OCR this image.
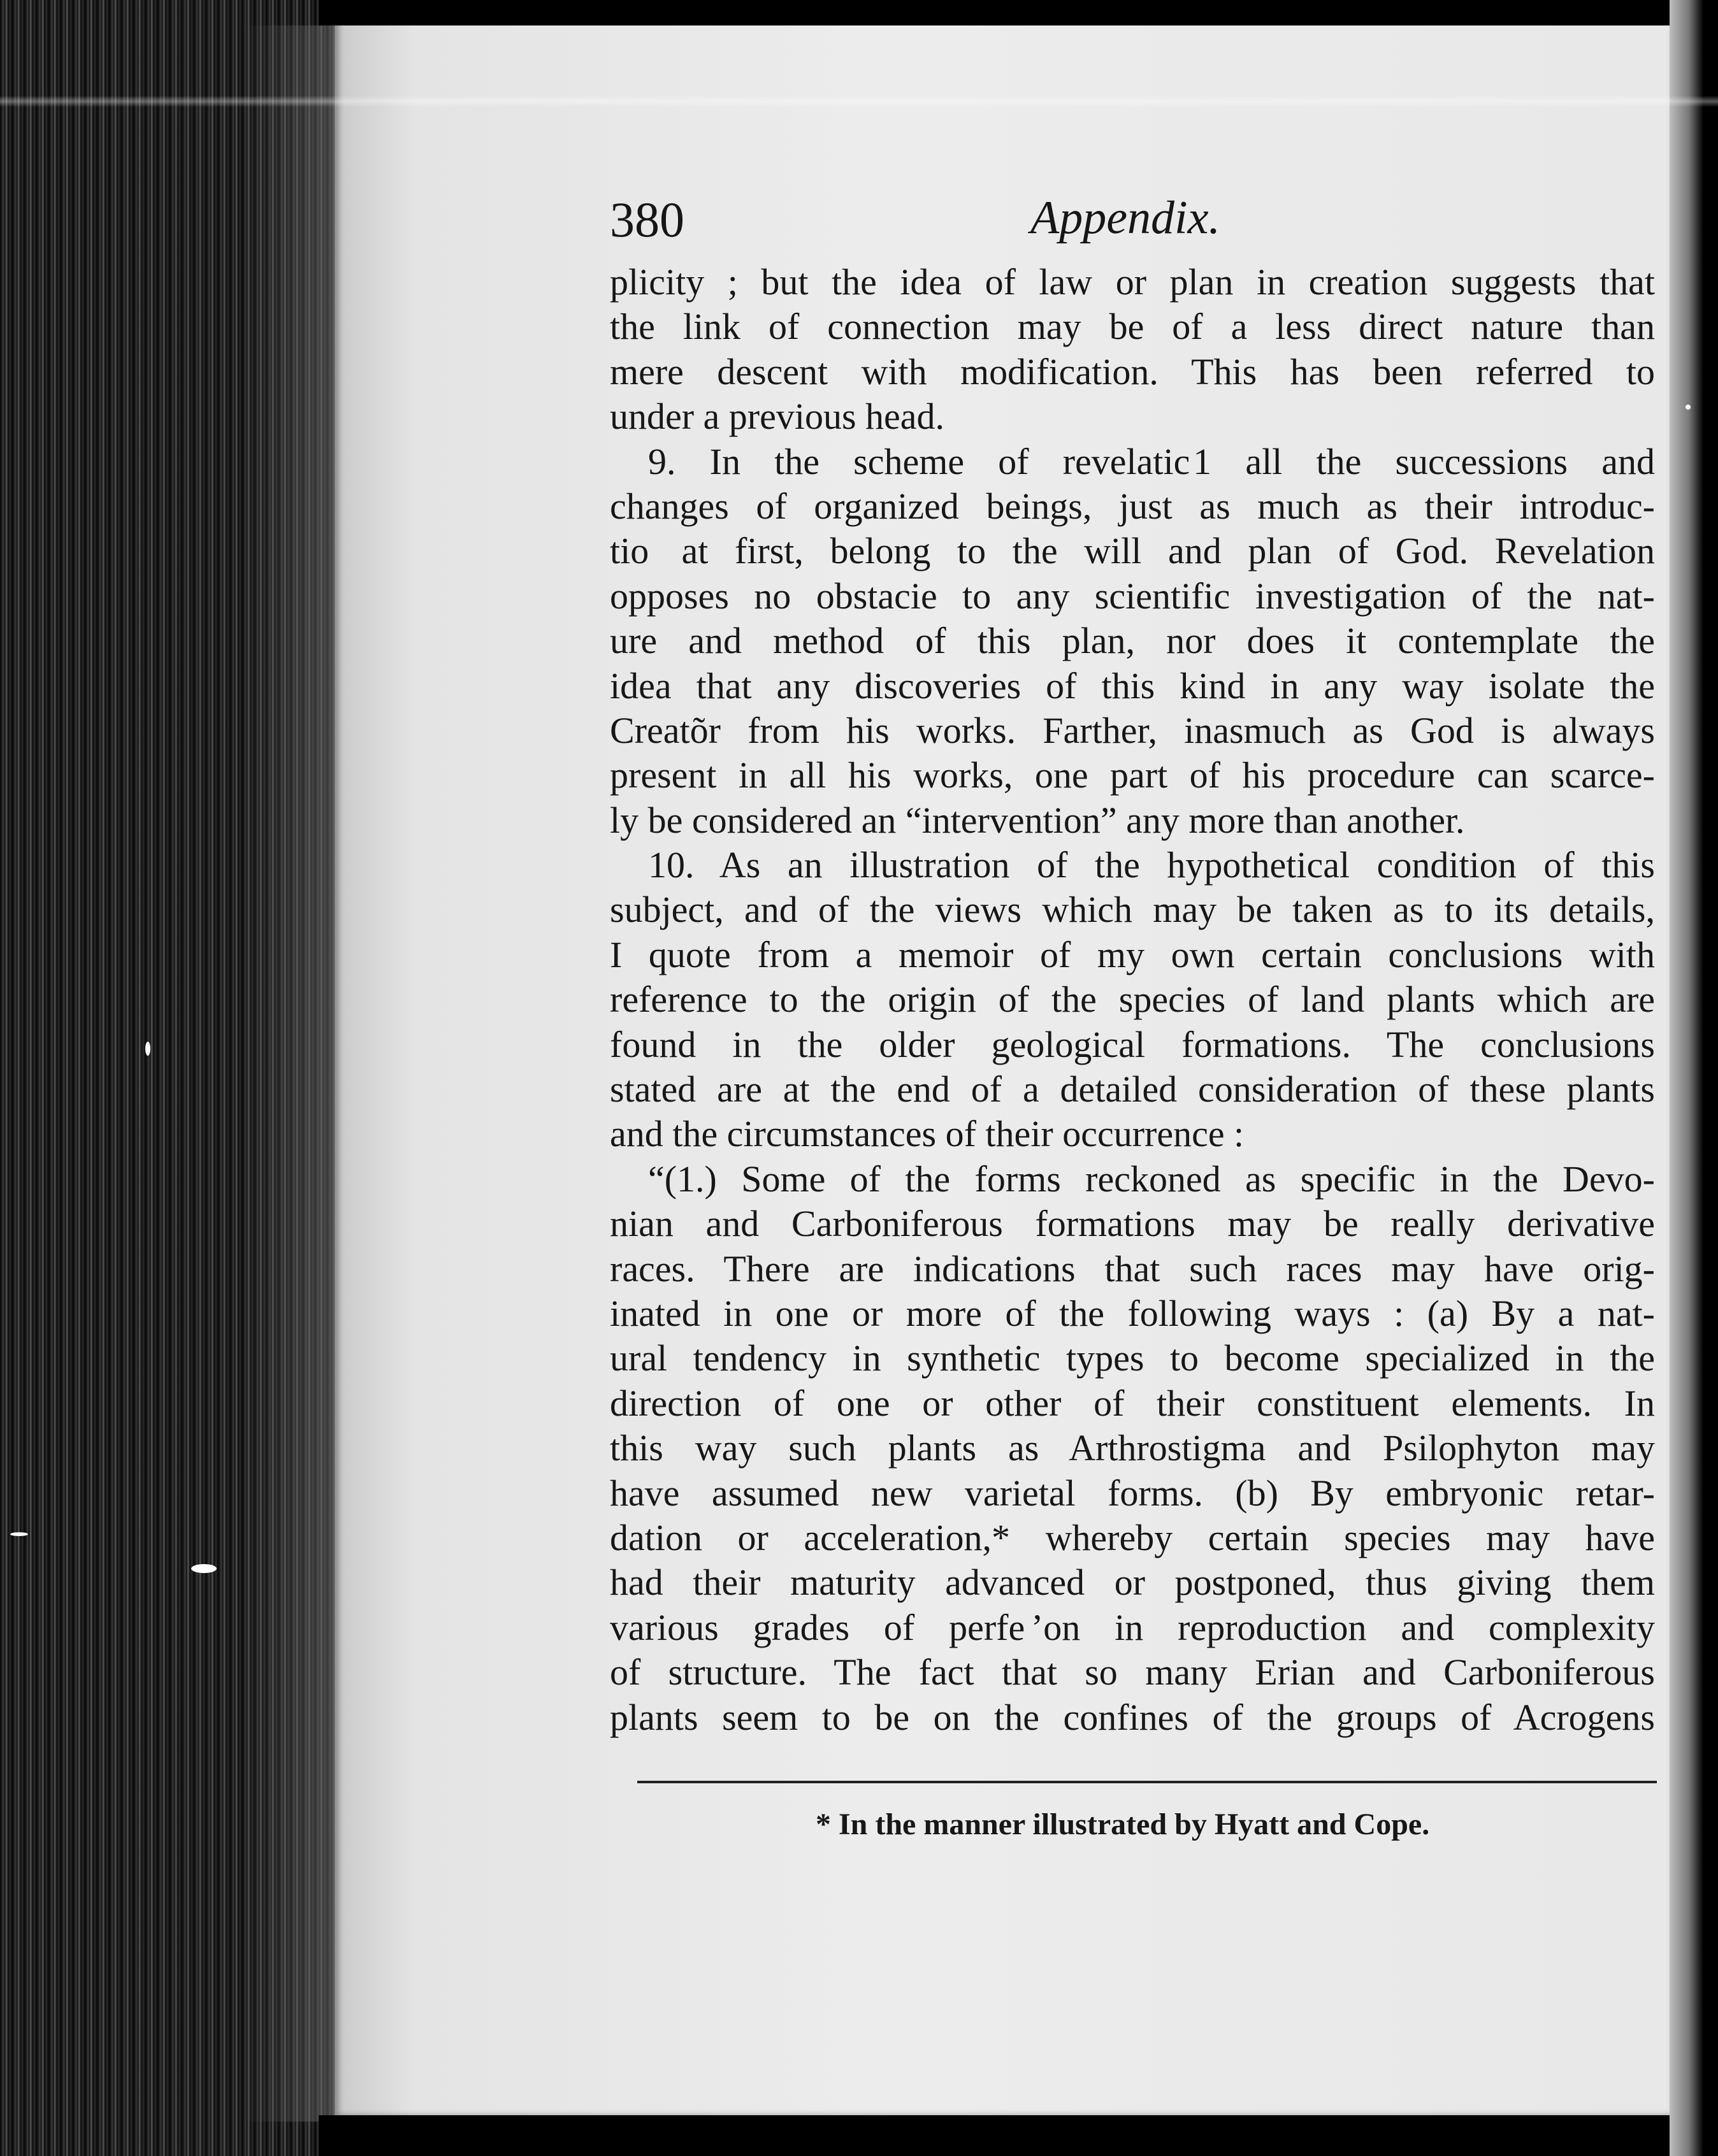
380	Appendix.
plicity ; but the idea of law or plan in creation suggests that
the link of connection may be of a less direct nature than
mere descent with modification. This has been referred to
under a previous head.
9. In the scheme of revelatic 1 all the successions and
changes of organized beings, just as much as their introduc-
tio   at first, belong to the will and plan of God. Revelation
opposes no obstacie to any scientific investigation of the nat-
ure and method of this plan, nor does it contemplate the
idea that any discoveries of this kind in any way isolate the
Creatõr from his works. Farther, inasmuch as God is always
present in all his works, one part of his procedure can scarce-
ly be considered an “intervention” any more than another.
10. As an illustration of the hypothetical condition of this
subject, and of the views which may be taken as to its details,
I quote from a memoir of my own certain conclusions with
reference to the origin of the species of land plants which are
found in the older geological formations. The conclusions
stated are at the end of a detailed consideration of these plants
and the circumstances of their occurrence :
“(1.) Some of the forms reckoned as specific in the Devo-
nian and Carboniferous formations may be really derivative
races. There are indications that such races may have orig-
inated in one or more of the following ways : (a) By a nat-
ural tendency in synthetic types to become specialized in the
direction of one or other of their constituent elements. In
this way such plants as Arthrostigma and Psilophyton may
have assumed new varietal forms. (b) By embryonic retar-
dation or acceleration,* whereby certain species may have
had their maturity advanced or postponed, thus giving them
various grades of perfe  ’on in reproduction and complexity
of structure. The fact that so many Erian and Carboniferous
plants seem to be on the confines of the groups of Acrogens
* In the manner illustrated by Hyatt and Cope.
